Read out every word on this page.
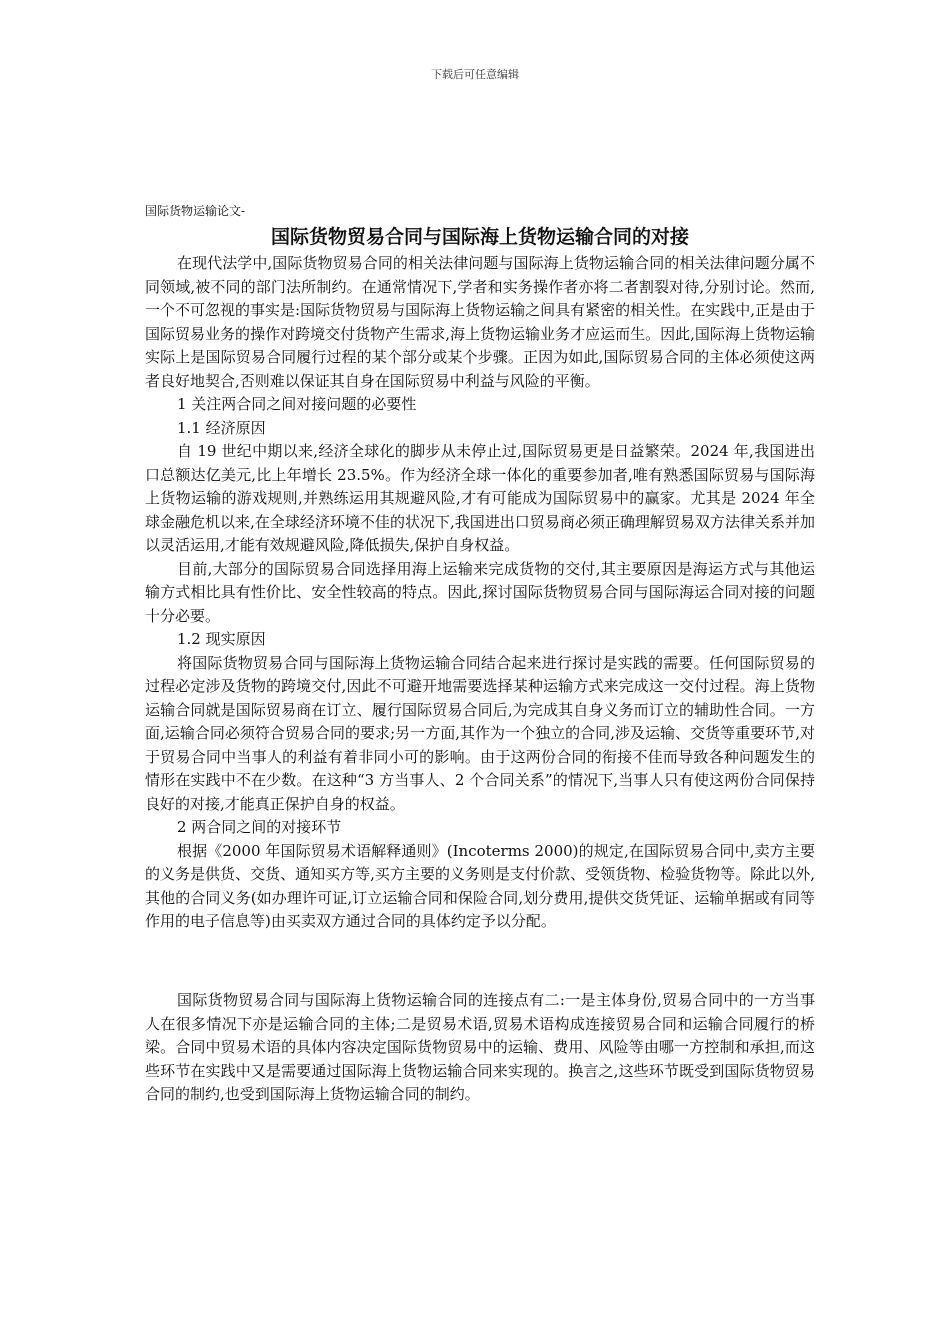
下载后可任意编辑
国际货物运输论文-
国际货物贸易合同与国际海上货物运输合同的对接

在现代法学中,国际货物贸易合同的相关法律问题与国际海上货物运输合同的相关法律问题分属不同领域,被不同的部门法所制约。在通常情况下,学者和实务操作者亦将二者割裂对待,分别讨论。然而,一个不可忽视的事实是:国际货物贸易与国际海上货物运输之间具有紧密的相关性。在实践中,正是由于国际贸易业务的操作对跨境交付货物产生需求,海上货物运输业务才应运而生。因此,国际海上货物运输实际上是国际贸易合同履行过程的某个部分或某个步骤。正因为如此,国际贸易合同的主体必须使这两者良好地契合,否则难以保证其自身在国际贸易中利益与风险的平衡。

1 关注两合同之间对接问题的必要性

1.1 经济原因

自 19 世纪中期以来,经济全球化的脚步从未停止过,国际贸易更是日益繁荣。2024 年,我国进出口总额达亿美元,比上年增长 23.5%。作为经济全球一体化的重要参加者,唯有熟悉国际贸易与国际海上货物运输的游戏规则,并熟练运用其规避风险,才有可能成为国际贸易中的赢家。尤其是 2024 年全球金融危机以来,在全球经济环境不佳的状况下,我国进出口贸易商必须正确理解贸易双方法律关系并加以灵活运用,才能有效规避风险,降低损失,保护自身权益。

目前,大部分的国际贸易合同选择用海上运输来完成货物的交付,其主要原因是海运方式与其他运输方式相比具有性价比、安全性较高的特点。因此,探讨国际货物贸易合同与国际海运合同对接的问题十分必要。

1.2 现实原因

将国际货物贸易合同与国际海上货物运输合同结合起来进行探讨是实践的需要。任何国际贸易的过程必定涉及货物的跨境交付,因此不可避开地需要选择某种运输方式来完成这一交付过程。海上货物运输合同就是国际贸易商在订立、履行国际贸易合同后,为完成其自身义务而订立的辅助性合同。一方面,运输合同必须符合贸易合同的要求;另一方面,其作为一个独立的合同,涉及运输、交货等重要环节,对于贸易合同中当事人的利益有着非同小可的影响。由于这两份合同的衔接不佳而导致各种问题发生的情形在实践中不在少数。在这种“3 方当事人、2 个合同关系”的情况下,当事人只有使这两份合同保持良好的对接,才能真正保护自身的权益。

2 两合同之间的对接环节

根据《2000 年国际贸易术语解释通则》(Incoterms 2000)的规定,在国际贸易合同中,卖方主要的义务是供货、交货、通知买方等,买方主要的义务则是支付价款、受领货物、检验货物等。除此以外,其他的合同义务(如办理许可证,订立运输合同和保险合同,划分费用,提供交货凭证、运输单据或有同等作用的电子信息等)由买卖双方通过合同的具体约定予以分配。

国际货物贸易合同与国际海上货物运输合同的连接点有二:一是主体身份,贸易合同中的一方当事人在很多情况下亦是运输合同的主体;二是贸易术语,贸易术语构成连接贸易合同和运输合同履行的桥梁。合同中贸易术语的具体内容决定国际货物贸易中的运输、费用、风险等由哪一方控制和承担,而这些环节在实践中又是需要通过国际海上货物运输合同来实现的。换言之,这些环节既受到国际货物贸易合同的制约,也受到国际海上货物运输合同的制约。
